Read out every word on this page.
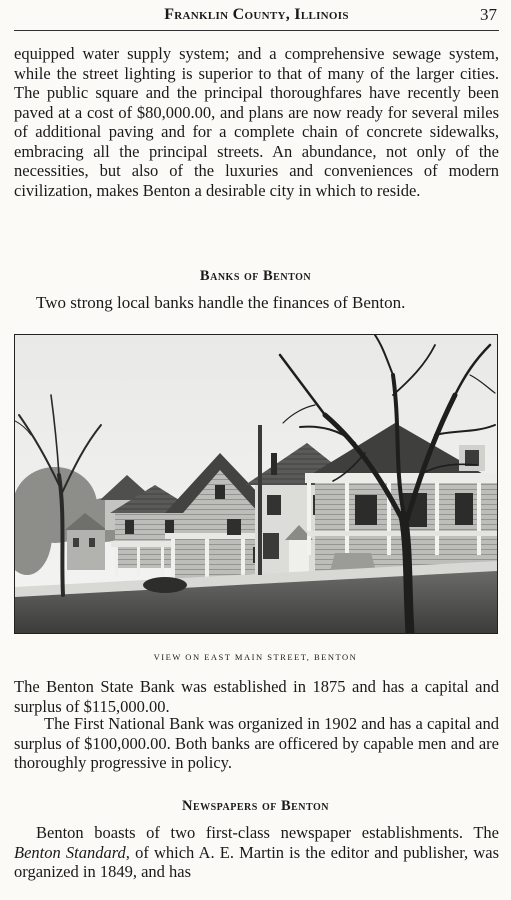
Franklin County, Illinois	37

equipped water supply system; and a comprehensive sewage system, while the street lighting is superior to that of many of the larger cities. The public square and the principal thoroughfares have recently been paved at a cost of $80,000.00, and plans are now ready for several miles of additional paving and for a complete chain of concrete sidewalks, embracing all the principal streets. An abundance, not only of the necessities, but also of the luxuries and conveniences of modern civilization, makes Benton a desirable city in which to reside.

Banks of Benton

Two strong local banks handle the finances of Benton.

VIEW ON EAST MAIN STREET, BENTON

The Benton State Bank was established in 1875 and has a capital and surplus of $115,000.00.

The First National Bank was organized in 1902 and has a capital and surplus of $100,000.00. Both banks are officered by capable men and are thoroughly progressive in policy.

Newspapers of Benton

Benton boasts of two first-class newspaper establishments. The Benton Standard, of which A. E. Martin is the editor and publisher, was organized in 1849, and has
